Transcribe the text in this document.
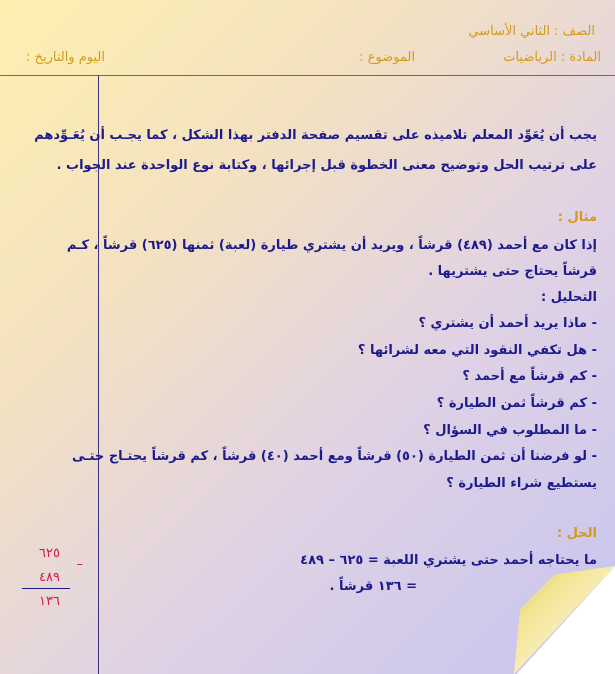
الصف : الثاني الأساسي
المادة : الرياضيات
الموضوع :
اليوم والتاريخ :
يجب أن يُعَوِّد المعلم تلاميذه على تقسيم صفحة الدفتر بهذا الشكل ، كما يجـب أن يُعَـوِّدهم
على ترتيب الحل وتوضيح معنى الخطوة قبل إجرائها ، وكتابة نوع الواحدة عند الجواب .
مثال :
إذا كان مع أحمد (٤٨٩) قرشاً ، ويريد أن يشتري طيارة (لعبة) ثمنها (٦٢٥) قرشاً ، كـم
قرشاً يحتاج حتى يشتريها .
التحليل :
- ماذا يريد أحمد أن يشتري ؟
- هل تكفي النقود التي معه لشرائها ؟
- كم قرشاً مع أحمد ؟
- كم قرشاً ثمن الطيارة ؟
- ما المطلوب في السؤال ؟
- لو فرضنا أن ثمن الطيارة (٥٠) قرشاً ومع أحمد (٤٠) قرشاً ، كم قرشاً يحتـاج حتـى
يستطيع شراء الطيارة ؟
الحل :
ما يحتاجه أحمد حتى يشتري اللعبة = ٦٢٥ – ٤٨٩
= ١٣٦ قرشاً .
٦٢٥
–
٤٨٩
١٣٦
